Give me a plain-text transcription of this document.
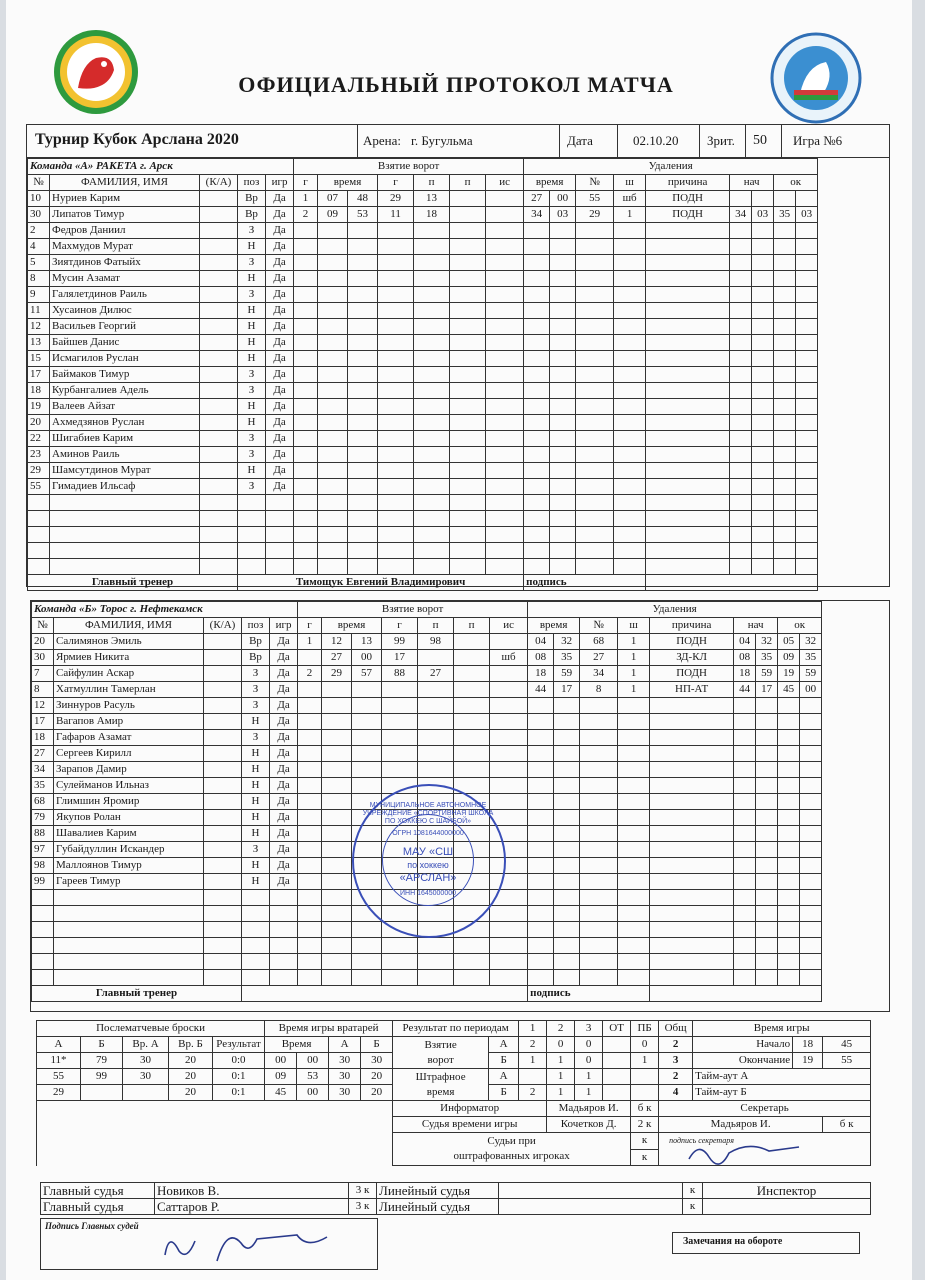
ОФИЦИАЛЬНЫЙ ПРОТОКОЛ МАТЧА
Турнир Кубок Арслана 2020	Арена: г. Бугульма	Дата	02.10.20 Зрит. 50 Игра №6
Команда «А» РАКЕТА г. Арск					Взятие ворот							Удаления								
№	ФАМИЛИЯ, ИМЯ	(К/А)	поз	игр	г	время		г	п	п	ис	время		№	ш	причина	нач		ок	
10	Нуриев Карим		Вр	Да	1	07	48	29	13			27	00	55	шб	ПОДН				
30	Липатов Тимур		Вр	Да	2	09	53	11	18			34	03	29	1	ПОДН	34	03	35	03
2	Федров Даниил		З	Да																
4	Махмудов Мурат		Н	Да																
5	Зиятдинов Фатыйх		З	Да																
8	Мусин Азамат		Н	Да																
9	Галялетдинов Раиль		З	Да																
11	Хусаинов Дилюс		Н	Да																
12	Васильев Георгий		Н	Да																
13	Байшев Данис		Н	Да																
15	Исмагилов Руслан		Н	Да																
17	Баймаков Тимур		З	Да																
18	Курбангалиев Адель		З	Да																
19	Валеев Айзат		Н	Да																
20	Ахмедзянов Руслан		Н	Да																
22	Шигабиев Карим		З	Да																
23	Аминов Раиль		З	Да																
29	Шамсутдинов Мурат		Н	Да																
55	Гимадиев Ильсаф		З	Да																

Главный тренер			Тимощук Евгений Владимирович									подпись								
Команда «Б» Торос г. Нефтекамск					Взятие ворот							Удаления								
№	ФАМИЛИЯ, ИМЯ	(К/А)	поз	игр	г	время		г	п	п	ис	время		№	ш	причина	нач		ок	
20	Салимянов Эмиль		Вр	Да	1	12	13	99	98			04	32	68	1	ПОДН	04	32	05	32
30	Ярмиев Никита		Вр	Да		27	00	17			шб	08	35	27	1	ЗД-КЛ	08	35	09	35
7	Сайфулин Аскар		З	Да	2	29	57	88	27			18	59	34	1	ПОДН	18	59	19	59
8	Хатмуллин Тамерлан		З	Да								44	17	8	1	НП-АТ	44	17	45	00
12	Зиннуров Расуль		З	Да																
17	Вагапов Амир		Н	Да																
18	Гафаров Азамат		З	Да																
27	Сергеев Кирилл		Н	Да																
34	Зарапов Дамир		Н	Да																
35	Сулейманов Ильназ		Н	Да																
68	Глимшин Яромир		Н	Да																
79	Якупов Ролан		Н	Да																
88	Шавалиев Карим		Н	Да																
97	Губайдуллин Искандер		З	Да																
98	Маллоянов Тимур		Н	Да																
99	Гареев Тимур		Н	Да																

Главный тренер												подпись								
МУНИЦИПАЛЬНОЕ АВТОНОМНОЕ УЧРЕЖДЕНИЕ «СПОРТИВНАЯ ШКОЛА ПО ХОККЕЮ С ШАЙБОЙ»
ОГРН 1081644000000
МАУ «СШ
по хоккею
«АРСЛАН»
ИНН 1645000000
Послематчевые броски					Время игры вратарей				Результат по периодам		1	2	3	ОТ	ПБ	Общ	Время игры		
А	Б	Вр. А	Вр. Б	Результат	Время		А	Б	Взятие
ворот	А	2	0	0		0	2	Начало	18	45
11*	79	30	20	0:0	00	00	30	30		Б	1	1	0		1	3	Окончание	19	55
55	99	30	20	0:1	09	53	30	20	Штрафное
время	А		1	1			2	Тайм-аут А		
29			20	0:1	45	00	30	20		Б	2	1	1			4	Тайм-аут Б		
									Информатор			Мадьяров И.			б к	Секретарь			
									Судья времени игры			Кочетков Д.			2 к	Мадьяров И.			б к
									Судьи при
оштрафованных игроках						к	подпись секретаря			

															к				
Главный судья	Новиков В.	3 к	Линейный судья		к	Инспектор
Главный судья	Саттаров Р.	3 к	Линейный судья		к	
Подпись Главных судей
Замечания на обороте
